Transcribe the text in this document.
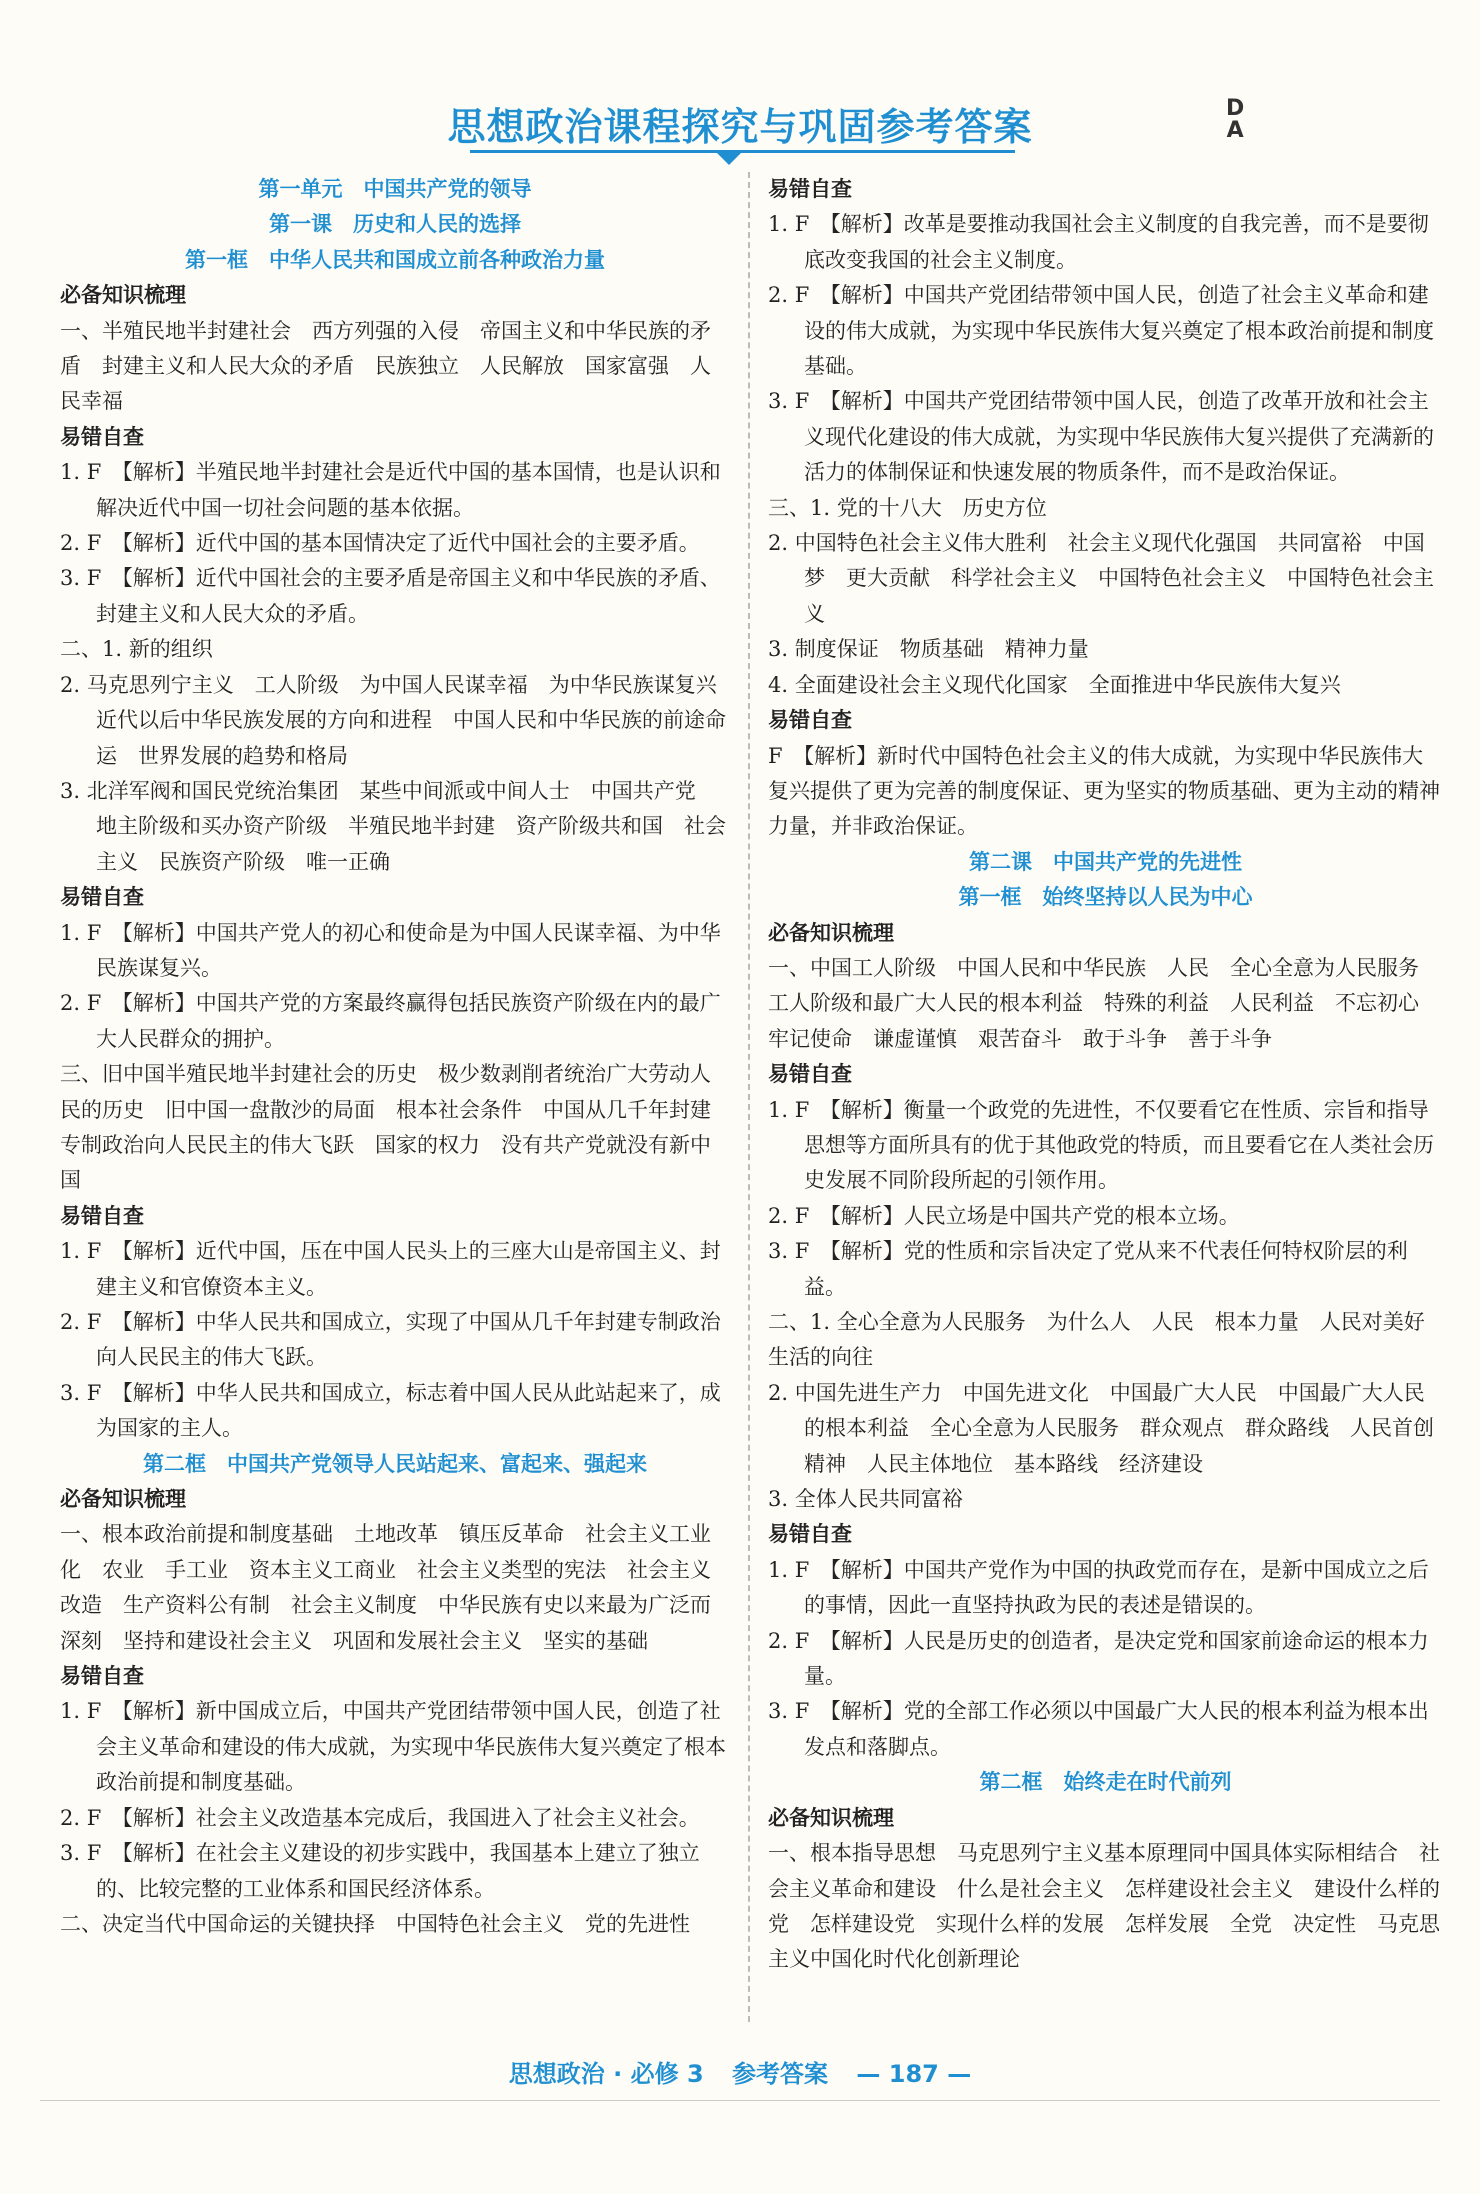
思想政治课程探究与巩固参考答案	D
A
第一单元　中国共产党的领导
第一课　历史和人民的选择
第一框　中华人民共和国成立前各种政治力量
必备知识梳理
一、半殖民地半封建社会　西方列强的入侵　帝国主义和中华民族的矛盾　封建主义和人民大众的矛盾　民族独立　人民解放　国家富强　人民幸福
易错自查
1. F　【解析】半殖民地半封建社会是近代中国的基本国情，也是认识和解决近代中国一切社会问题的基本依据。
2. F　【解析】近代中国的基本国情决定了近代中国社会的主要矛盾。
3. F　【解析】近代中国社会的主要矛盾是帝国主义和中华民族的矛盾、封建主义和人民大众的矛盾。
二、1. 新的组织
2. 马克思列宁主义　工人阶级　为中国人民谋幸福　为中华民族谋复兴　近代以后中华民族发展的方向和进程　中国人民和中华民族的前途命运　世界发展的趋势和格局
3. 北洋军阀和国民党统治集团　某些中间派或中间人士　中国共产党　地主阶级和买办资产阶级　半殖民地半封建　资产阶级共和国　社会主义　民族资产阶级　唯一正确
易错自查
1. F　【解析】中国共产党人的初心和使命是为中国人民谋幸福、为中华民族谋复兴。
2. F　【解析】中国共产党的方案最终赢得包括民族资产阶级在内的最广大人民群众的拥护。
三、旧中国半殖民地半封建社会的历史　极少数剥削者统治广大劳动人民的历史　旧中国一盘散沙的局面　根本社会条件　中国从几千年封建专制政治向人民民主的伟大飞跃　国家的权力　没有共产党就没有新中国
易错自查
1. F　【解析】近代中国，压在中国人民头上的三座大山是帝国主义、封建主义和官僚资本主义。
2. F　【解析】中华人民共和国成立，实现了中国从几千年封建专制政治向人民民主的伟大飞跃。
3. F　【解析】中华人民共和国成立，标志着中国人民从此站起来了，成为国家的主人。
第二框　中国共产党领导人民站起来、富起来、强起来
必备知识梳理
一、根本政治前提和制度基础　土地改革　镇压反革命　社会主义工业化　农业　手工业　资本主义工商业　社会主义类型的宪法　社会主义改造　生产资料公有制　社会主义制度　中华民族有史以来最为广泛而深刻　坚持和建设社会主义　巩固和发展社会主义　坚实的基础
易错自查
1. F　【解析】新中国成立后，中国共产党团结带领中国人民，创造了社会主义革命和建设的伟大成就，为实现中华民族伟大复兴奠定了根本政治前提和制度基础。
2. F　【解析】社会主义改造基本完成后，我国进入了社会主义社会。
3. F　【解析】在社会主义建设的初步实践中，我国基本上建立了独立的、比较完整的工业体系和国民经济体系。
二、决定当代中国命运的关键抉择　中国特色社会主义　党的先进性
易错自查
1. F　【解析】改革是要推动我国社会主义制度的自我完善，而不是要彻底改变我国的社会主义制度。
2. F　【解析】中国共产党团结带领中国人民，创造了社会主义革命和建设的伟大成就，为实现中华民族伟大复兴奠定了根本政治前提和制度基础。
3. F　【解析】中国共产党团结带领中国人民，创造了改革开放和社会主义现代化建设的伟大成就，为实现中华民族伟大复兴提供了充满新的活力的体制保证和快速发展的物质条件，而不是政治保证。
三、1. 党的十八大　历史方位
2. 中国特色社会主义伟大胜利　社会主义现代化强国　共同富裕　中国梦　更大贡献　科学社会主义　中国特色社会主义　中国特色社会主义
3. 制度保证　物质基础　精神力量
4. 全面建设社会主义现代化国家　全面推进中华民族伟大复兴
易错自查
F　【解析】新时代中国特色社会主义的伟大成就，为实现中华民族伟大复兴提供了更为完善的制度保证、更为坚实的物质基础、更为主动的精神力量，并非政治保证。
第二课　中国共产党的先进性
第一框　始终坚持以人民为中心
必备知识梳理
一、中国工人阶级　中国人民和中华民族　人民　全心全意为人民服务　工人阶级和最广大人民的根本利益　特殊的利益　人民利益　不忘初心　牢记使命　谦虚谨慎　艰苦奋斗　敢于斗争　善于斗争
易错自查
1. F　【解析】衡量一个政党的先进性，不仅要看它在性质、宗旨和指导思想等方面所具有的优于其他政党的特质，而且要看它在人类社会历史发展不同阶段所起的引领作用。
2. F　【解析】人民立场是中国共产党的根本立场。
3. F　【解析】党的性质和宗旨决定了党从来不代表任何特权阶层的利益。
二、1. 全心全意为人民服务　为什么人　人民　根本力量　人民对美好生活的向往
2. 中国先进生产力　中国先进文化　中国最广大人民　中国最广大人民的根本利益　全心全意为人民服务　群众观点　群众路线　人民首创精神　人民主体地位　基本路线　经济建设
3. 全体人民共同富裕
易错自查
1. F　【解析】中国共产党作为中国的执政党而存在，是新中国成立之后的事情，因此一直坚持执政为民的表述是错误的。
2. F　【解析】人民是历史的创造者，是决定党和国家前途命运的根本力量。
3. F　【解析】党的全部工作必须以中国最广大人民的根本利益为根本出发点和落脚点。
第二框　始终走在时代前列
必备知识梳理
一、根本指导思想　马克思列宁主义基本原理同中国具体实际相结合　社会主义革命和建设　什么是社会主义　怎样建设社会主义　建设什么样的党　怎样建设党　实现什么样的发展　怎样发展　全党　决定性　马克思主义中国化时代化创新理论
思想政治 · 必修 3 参考答案 — 187 —
